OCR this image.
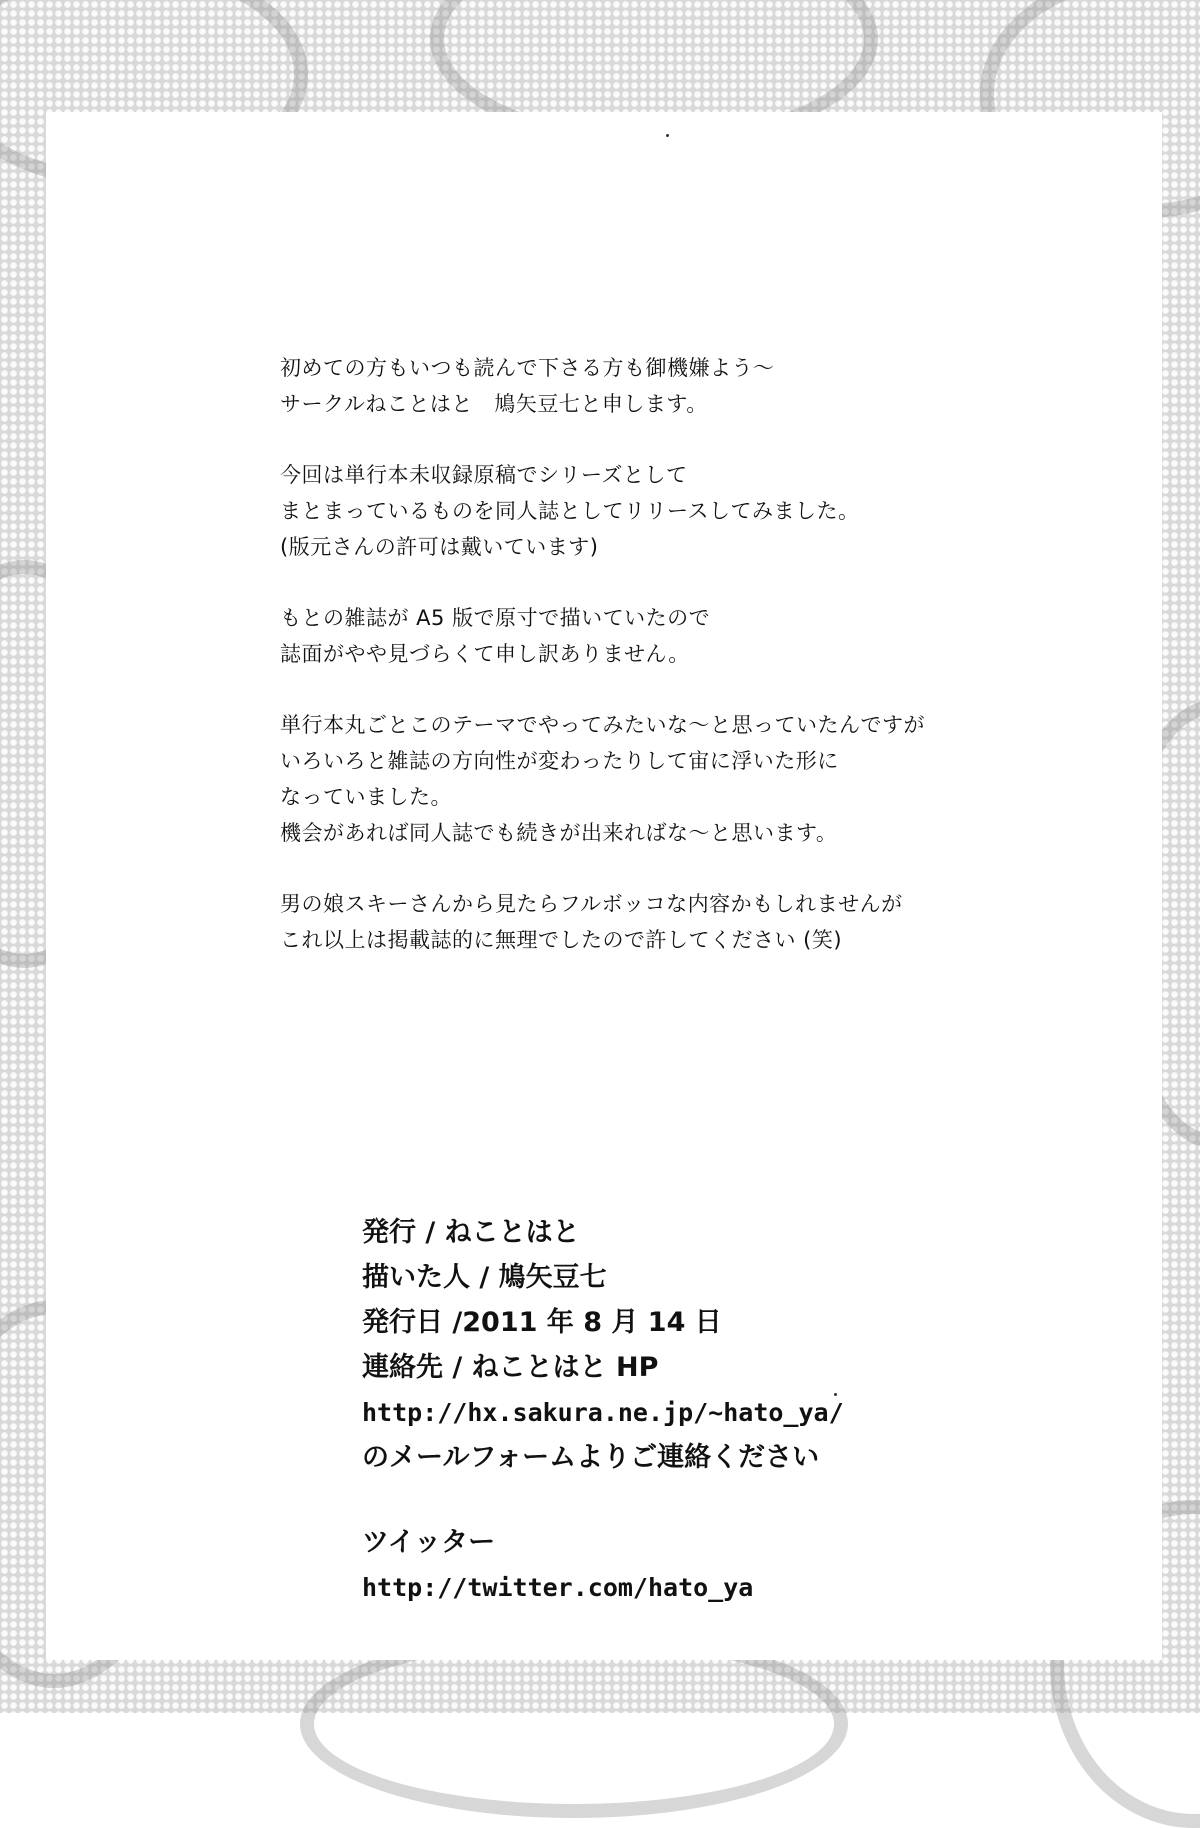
初めての方もいつも読んで下さる方も御機嫌よう～
サークルねことはと　鳩矢豆七と申します。

今回は単行本未収録原稿でシリーズとして
まとまっているものを同人誌としてリリースしてみました。
(版元さんの許可は戴いています)

もとの雑誌が A5 版で原寸で描いていたので
誌面がやや見づらくて申し訳ありません。

単行本丸ごとこのテーマでやってみたいな～と思っていたんですが
いろいろと雑誌の方向性が変わったりして宙に浮いた形に
なっていました。
機会があれば同人誌でも続きが出来ればな～と思います。

男の娘スキーさんから見たらフルボッコな内容かもしれませんが
これ以上は掲載誌的に無理でしたので許してください (笑)

発行 / ねことはと
描いた人 / 鳩矢豆七
発行日 /2011 年 8 月 14 日
連絡先 / ねことはと HP
http://hx.sakura.ne.jp/~hato_ya/
のメールフォームよりご連絡ください
ツイッター
http://twitter.com/hato_ya
